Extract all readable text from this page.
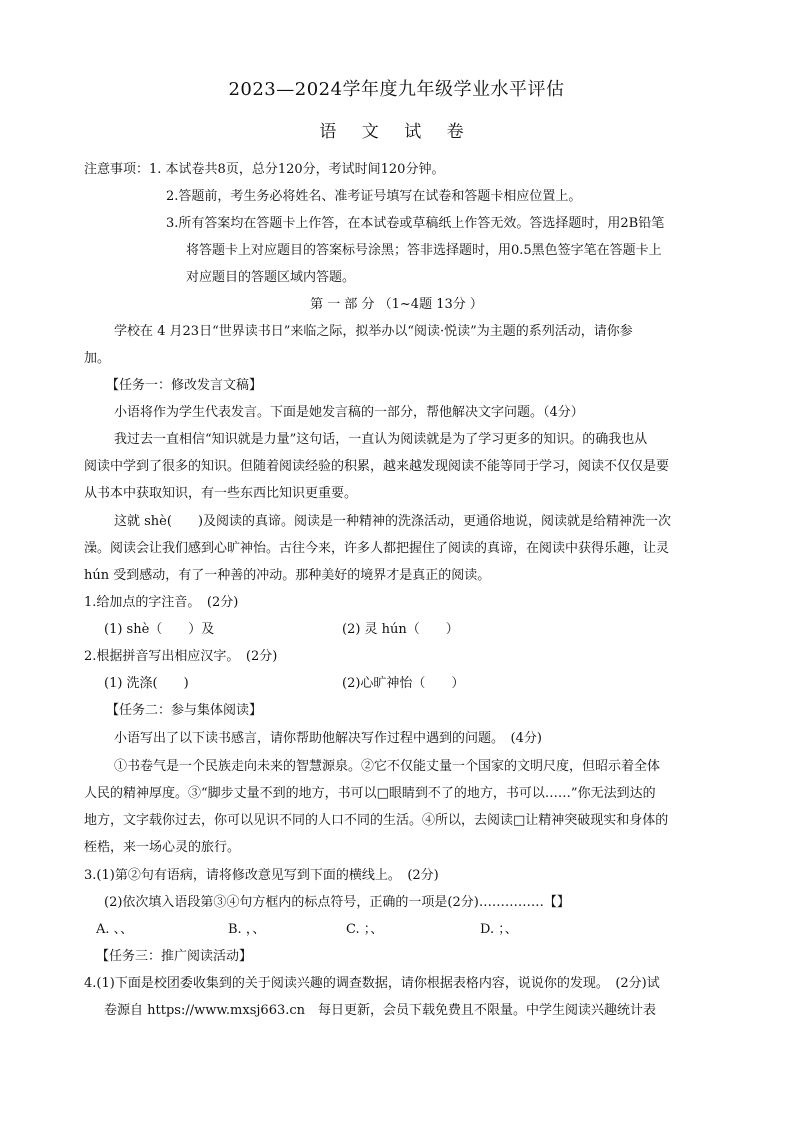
2023—2024学年度九年级学业水平评估
语 文 试 卷
注意事项：1. 本试卷共8页，总分120分，考试时间120分钟。
2.答题前，考生务必将姓名、准考证号填写在试卷和答题卡相应位置上。
3.所有答案均在答题卡上作答，在本试卷或草稿纸上作答无效。答选择题时，用2B铅笔
将答题卡上对应题目的答案标号涂黑；答非选择题时，用0.5黑色签字笔在答题卡上
对应题目的答题区域内答题。
第 一 部 分 （1~4题 13分 ）
学校在 4 月23日“世界读书日”来临之际，拟举办以“阅读·悦读”为主题的系列活动，请你参
加。
【任务一：修改发言文稿】
小语将作为学生代表发言。下面是她发言稿的一部分，帮他解决文字问题。（4分）
我过去一直相信“知识就是力量”这句话，一直认为阅读就是为了学习更多的知识。的确我也从
阅读中学到了很多的知识。但随着阅读经验的积累，越来越发现阅读不能等同于学习，阅读不仅仅是要
从书本中获取知识，有一些东西比知识更重要。
这就 shè(　　)及阅读的真谛。阅读是一种精神的洗涤活动，更通俗地说，阅读就是给精神洗一次
澡。阅读会让我们感到心旷神怡。古往今来，许多人都把握住了阅读的真谛，在阅读中获得乐趣，让灵
hún 受到感动，有了一种善的冲动。那种美好的境界才是真正的阅读。
1.给加点的字注音。　(2分)
(1) shè（　　）及	(2) 灵 hún（　　）
2.根据拼音写出相应汉字。　(2分)
(1) 洗涤(　　)	(2)心旷神怡（　　）
【任务二：参与集体阅读】
小语写出了以下读书感言，请你帮助他解决写作过程中遇到的问题。　(4分)
①书卷气是一个民族走向未来的智慧源泉。②它不仅能丈量一个国家的文明尺度，但昭示着全体
人民的精神厚度。③“脚步丈量不到的地方，书可以□眼睛到不了的地方，书可以……”你无法到达的
地方，文字载你过去，你可以见识不同的人口不同的生活。④所以，去阅读□让精神突破现实和身体的
桎梏，来一场心灵的旅行。
3.(1)第②句有语病，请将修改意见写到下面的横线上。　(2分)
(2)依次填入语段第③④句方框内的标点符号，正确的一项是(2分)……………【】
A. 、、	B. ，、	C. ；、	D. ；、
【任务三：推广阅读活动】
4.(1)下面是校团委收集到的关于阅读兴趣的调查数据，请你根据表格内容，说说你的发现。　(2分)试
卷源自 https://www.mxsj663.cn　每日更新，会员下载免费且不限量。中学生阅读兴趣统计表
